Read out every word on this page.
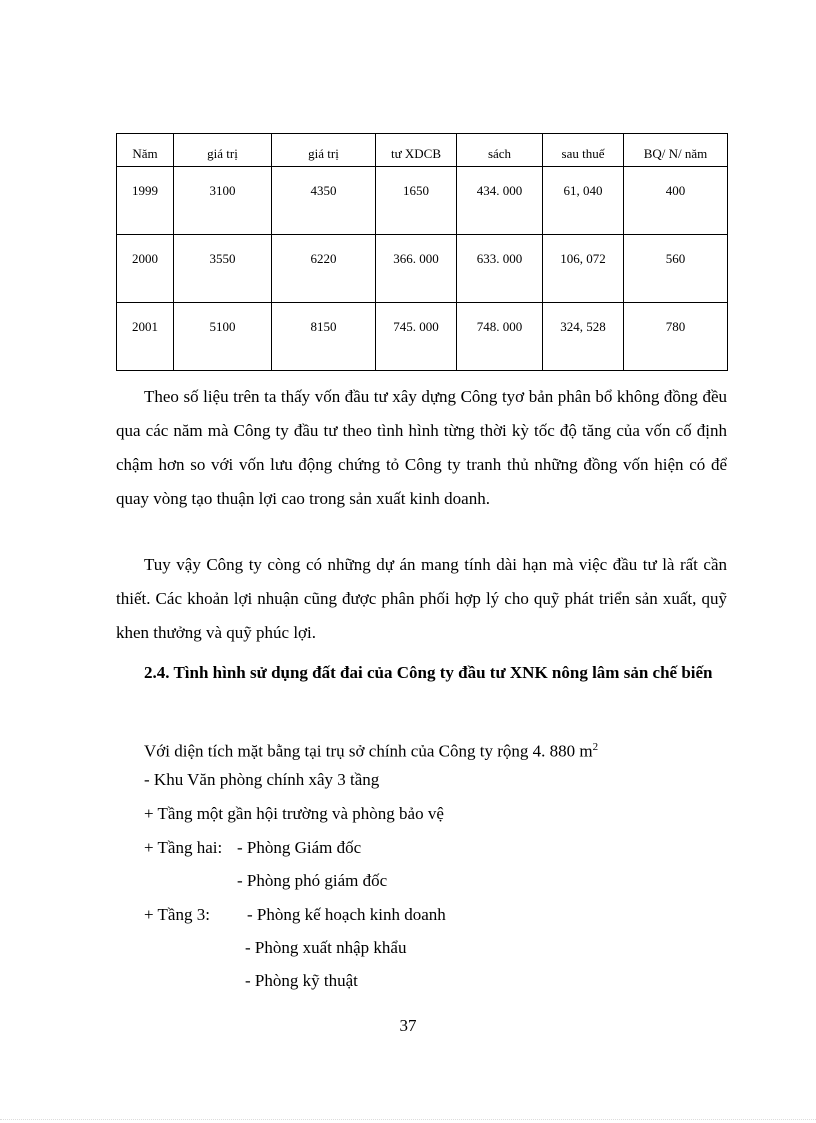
Năm	giá trị	giá trị	tư XDCB	sách	sau thuế	BQ/ N/ năm
1999	3100	4350	1650	434. 000	61, 040	400
2000	3550	6220	366. 000	633. 000	106, 072	560
2001	5100	8150	745. 000	748. 000	324, 528	780

Theo số liệu trên ta thấy vốn đầu tư xây dựng Công tyơ bản phân bổ không đồng đều qua các năm mà Công ty đầu tư theo tình hình từng thời kỳ tốc độ tăng của vốn cố định chậm hơn so với vốn lưu động chứng tỏ Công ty tranh thủ những đồng vốn hiện có để quay vòng tạo thuận lợi cao trong sản xuất kinh doanh.

Tuy vậy Công ty còng có những dự án mang tính dài hạn mà việc đầu tư là rất cần thiết. Các khoản lợi nhuận cũng được phân phối hợp lý cho quỹ phát triển sản xuất, quỹ khen thưởng và quỹ phúc lợi.

2.4. Tình hình sử dụng đất đai của Công ty đầu tư XNK nông lâm sản chế biến

Với diện tích mặt bằng tại trụ sở chính của Công ty rộng 4. 880 $m^2$

- Khu Văn phòng chính xây 3 tầng

+ Tầng một gần hội trường và phòng bảo vệ

+ Tầng hai: - Phòng Giám đốc

- Phòng phó giám đốc

+ Tầng 3: - Phòng kế hoạch kinh doanh

- Phòng xuất nhập khẩu

- Phòng kỹ thuật

37
